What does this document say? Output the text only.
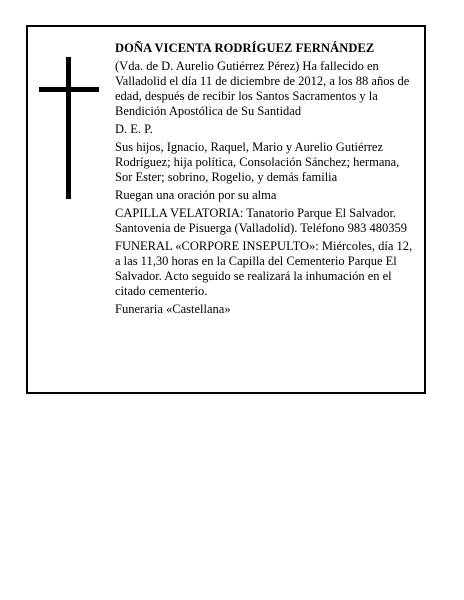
DOÑA VICENTA RODRÍGUEZ FERNÁNDEZ

(Vda. de D. Aurelio Gutiérrez Pérez) Ha fallecido en Valladolid el día 11 de diciembre de 2012, a los 88 años de edad, después de recibir los Santos Sacramentos y la Bendición Apostólica de Su Santidad

D. E. P.

Sus hijos, Ignacio, Raquel, Mario y Aurelio Gutiérrez Rodríguez; hija política, Consolación Sánchez; hermana, Sor Ester; sobrino, Rogelio, y demás familia

Ruegan una oración por su alma

CAPILLA VELATORIA: Tanatorio Parque El Salvador. Santovenia de Pisuerga (Valladolid). Teléfono 983 480359

FUNERAL «CORPORE INSEPULTO»: Miércoles, día 12, a las 11,30 horas en la Capilla del Cementerio Parque El Salvador. Acto seguido se realizará la inhumación en el citado cementerio.

Funeraria «Castellana»
